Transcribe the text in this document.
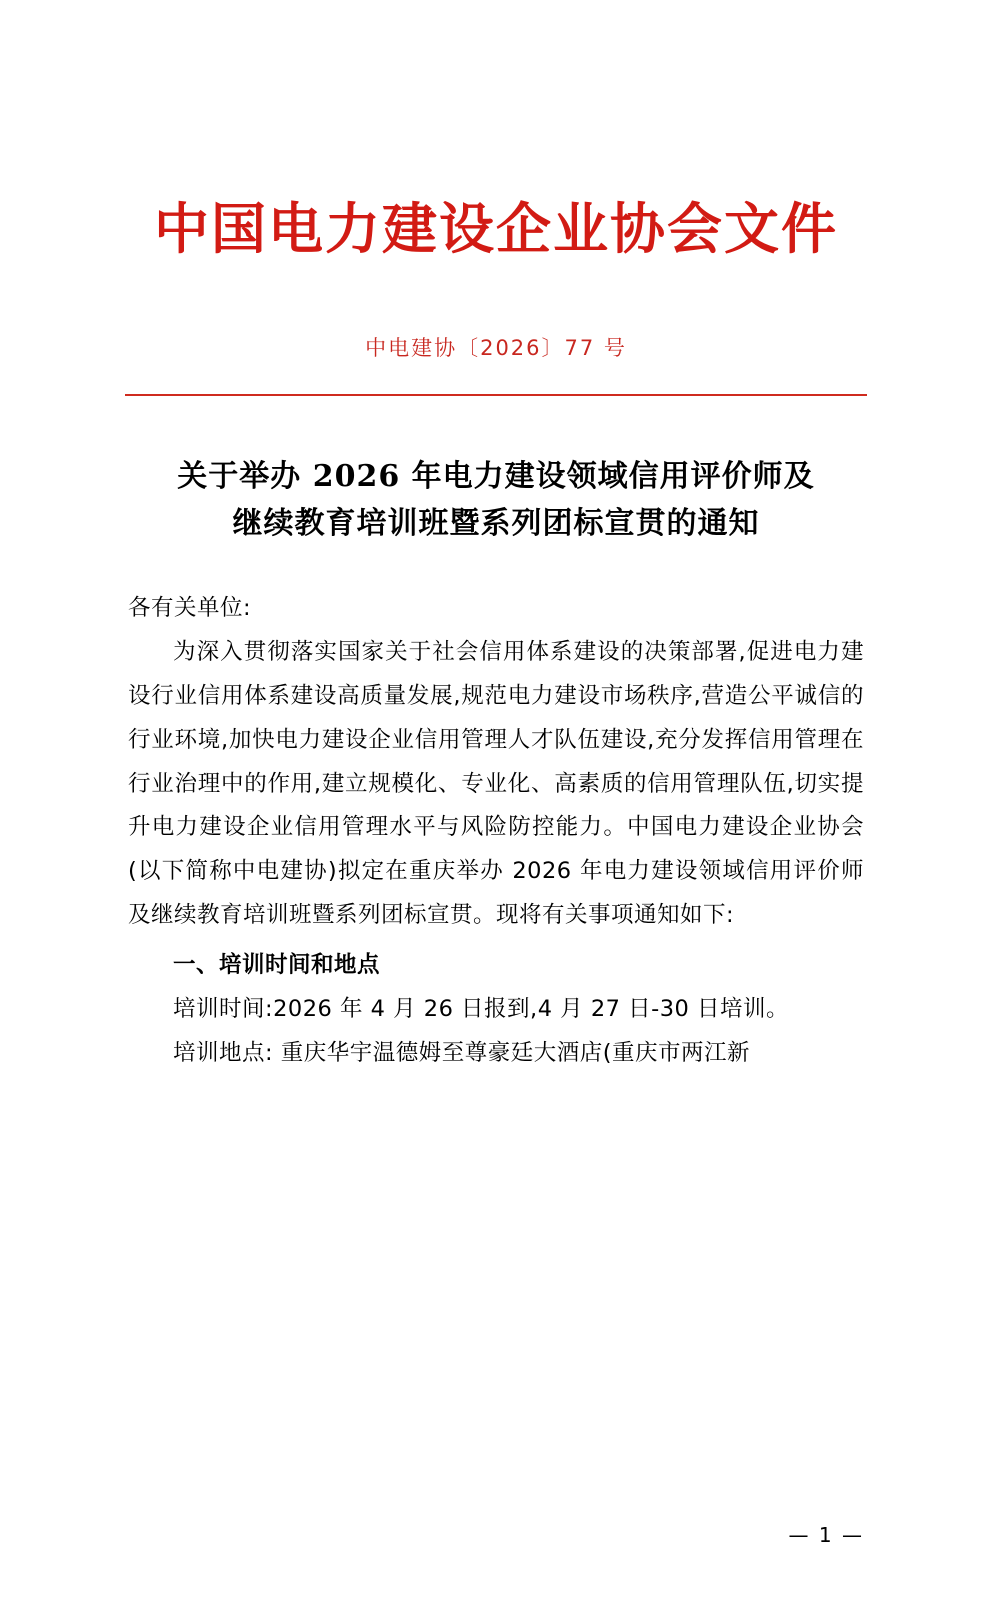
中国电力建设企业协会文件
中电建协〔2026〕77 号
关于举办 2026 年电力建设领域信用评价师及
继续教育培训班暨系列团标宣贯的通知

各有关单位:

为深入贯彻落实国家关于社会信用体系建设的决策部署,促进电力建设行业信用体系建设高质量发展,规范电力建设市场秩序,营造公平诚信的行业环境,加快电力建设企业信用管理人才队伍建设,充分发挥信用管理在行业治理中的作用,建立规模化、专业化、高素质的信用管理队伍,切实提升电力建设企业信用管理水平与风险防控能力。中国电力建设企业协会(以下简称中电建协)拟定在重庆举办 2026 年电力建设领域信用评价师及继续教育培训班暨系列团标宣贯。现将有关事项通知如下:

一、培训时间和地点

培训时间:2026 年 4 月 26 日报到,4 月 27 日-30 日培训。

培训地点: 重庆华宇温德姆至尊豪廷大酒店(重庆市两江新

— 1 —
